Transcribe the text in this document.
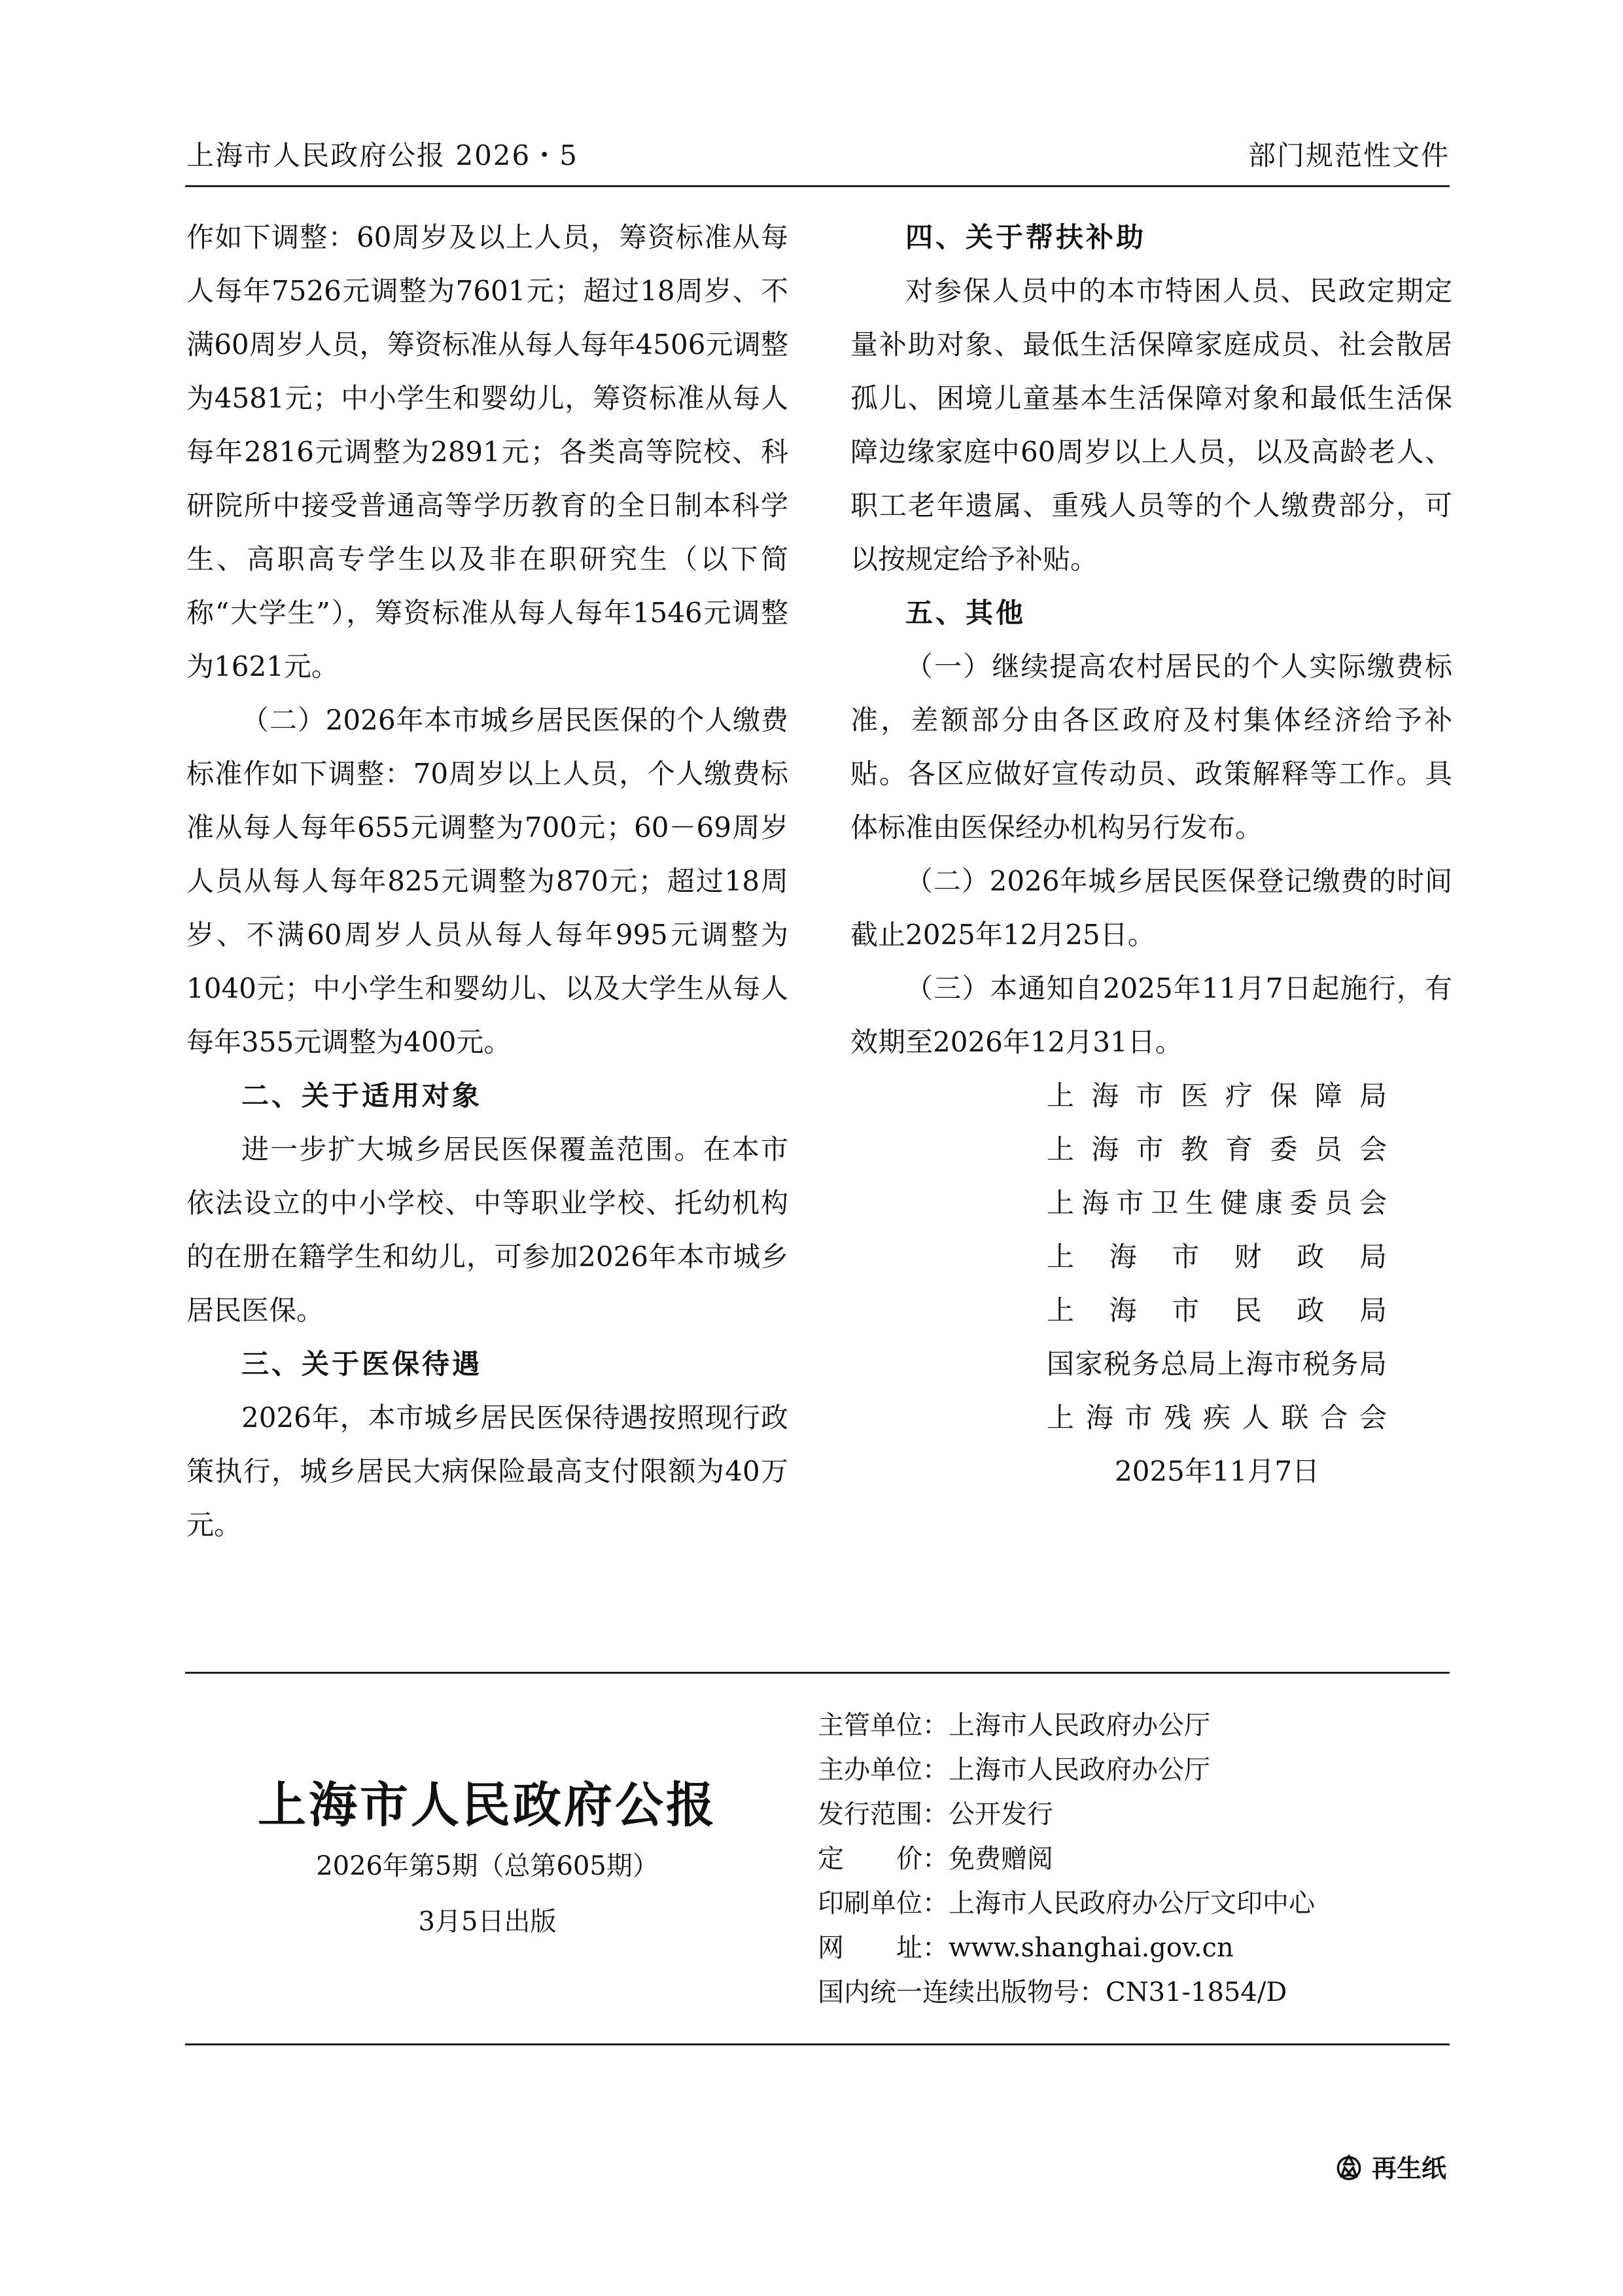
上海市人民政府公报 2026・5	部门规范性文件

作如下调整：60周岁及以上人员，筹资标准从每人每年7526元调整为7601元；超过18周岁、不满60周岁人员，筹资标准从每人每年4506元调整为4581元；中小学生和婴幼儿，筹资标准从每人每年2816元调整为2891元；各类高等院校、科研院所中接受普通高等学历教育的全日制本科学生、高职高专学生以及非在职研究生（以下简称“大学生”），筹资标准从每人每年1546元调整为1621元。

（二）2026年本市城乡居民医保的个人缴费标准作如下调整：70周岁以上人员，个人缴费标准从每人每年655元调整为700元；60－69周岁人员从每人每年825元调整为870元；超过18周岁、不满60周岁人员从每人每年995元调整为1040元；中小学生和婴幼儿、以及大学生从每人每年355元调整为400元。

二、关于适用对象

进一步扩大城乡居民医保覆盖范围。在本市依法设立的中小学校、中等职业学校、托幼机构的在册在籍学生和幼儿，可参加2026年本市城乡居民医保。

三、关于医保待遇

2026年，本市城乡居民医保待遇按照现行政策执行，城乡居民大病保险最高支付限额为40万元。

四、关于帮扶补助

对参保人员中的本市特困人员、民政定期定量补助对象、最低生活保障家庭成员、社会散居孤儿、困境儿童基本生活保障对象和最低生活保障边缘家庭中60周岁以上人员，以及高龄老人、职工老年遗属、重残人员等的个人缴费部分，可以按规定给予补贴。

五、其他

（一）继续提高农村居民的个人实际缴费标准，差额部分由各区政府及村集体经济给予补贴。各区应做好宣传动员、政策解释等工作。具体标准由医保经办机构另行发布。

（二）2026年城乡居民医保登记缴费的时间截止2025年12月25日。

（三）本通知自2025年11月7日起施行，有效期至2026年12月31日。

上 海 市 医 疗 保 障 局
上 海 市 教 育 委 员 会
上 海 市 卫 生 健 康 委 员 会
上 海 市 财 政 局
上 海 市 民 政 局
国 家 税 务 总 局 上 海 市 税 务 局
上 海 市 残 疾 人 联 合 会
2025年11月7日
上海市人民政府公报
2026年第5期（总第605期）
3月5日出版
主管单位：上海市人民政府办公厅
主办单位：上海市人民政府办公厅
发行范围：公开发行
定　　价：免费赠阅
印刷单位：上海市人民政府办公厅文印中心
网　　址：www.shanghai.gov.cn
国内统一连续出版物号：CN31-1854/D
再生纸
